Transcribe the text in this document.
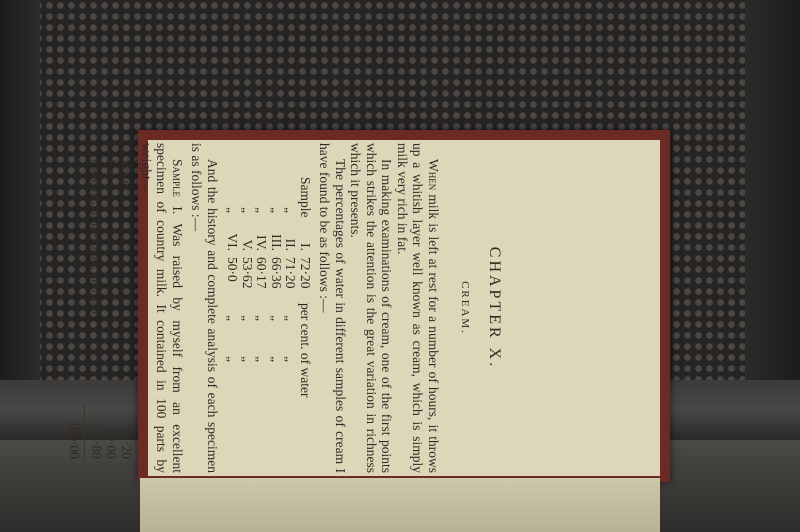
CHAPTER X.

CREAM.

When milk is left at rest for a number of hours, it throws up a whitish layer well known as cream, which is simply milk very rich in fat.

In making examinations of cream, one of the first points which strikes the attention is the great variation in richness which it presents.

The percentages of water in different samples of cream I have found to be as follows :—

Sample
I.
72·20
per cent. of water
„
II.
71·20
„
„
„
III.
66·36
„
„
„
IV.
60·17
„
„
„
V.
53·62
„
„
„
VI.
50·0
„
„

And the history and complete analysis of each specimen is as follows :—

Sample I. Was raised by myself from an excellent specimen of country milk. It contained in 100 parts by weight—

Water
72·20
Fat .
19·00
Caseine, milk-sugar, and ash
8·80
100·00
